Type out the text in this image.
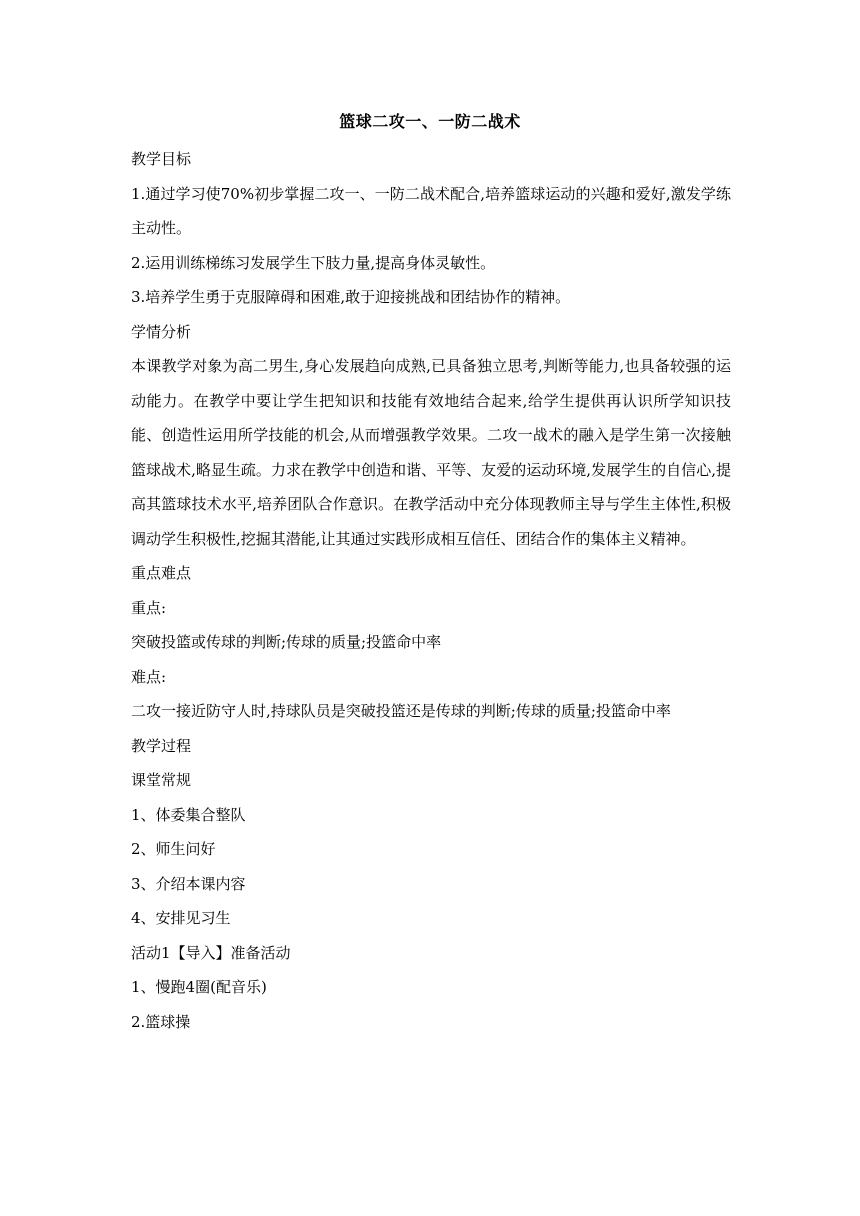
篮球二攻一、一防二战术

教学目标

1.通过学习使70%初步掌握二攻一、一防二战术配合,培养篮球运动的兴趣和爱好,激发学练主动性。

2.运用训练梯练习发展学生下肢力量,提高身体灵敏性。

3.培养学生勇于克服障碍和困难,敢于迎接挑战和团结协作的精神。

学情分析

本课教学对象为高二男生,身心发展趋向成熟,已具备独立思考,判断等能力,也具备较强的运动能力。在教学中要让学生把知识和技能有效地结合起来,给学生提供再认识所学知识技能、创造性运用所学技能的机会,从而增强教学效果。二攻一战术的融入是学生第一次接触篮球战术,略显生疏。力求在教学中创造和谐、平等、友爱的运动环境,发展学生的自信心,提高其篮球技术水平,培养团队合作意识。在教学活动中充分体现教师主导与学生主体性,积极调动学生积极性,挖掘其潜能,让其通过实践形成相互信任、团结合作的集体主义精神。

重点难点

重点:

突破投篮或传球的判断;传球的质量;投篮命中率

难点:

二攻一接近防守人时,持球队员是突破投篮还是传球的判断;传球的质量;投篮命中率

教学过程

课堂常规

1、体委集合整队

2、师生问好

3、介绍本课内容

4、安排见习生

活动1【导入】准备活动

1、慢跑4圈(配音乐)

2.篮球操
